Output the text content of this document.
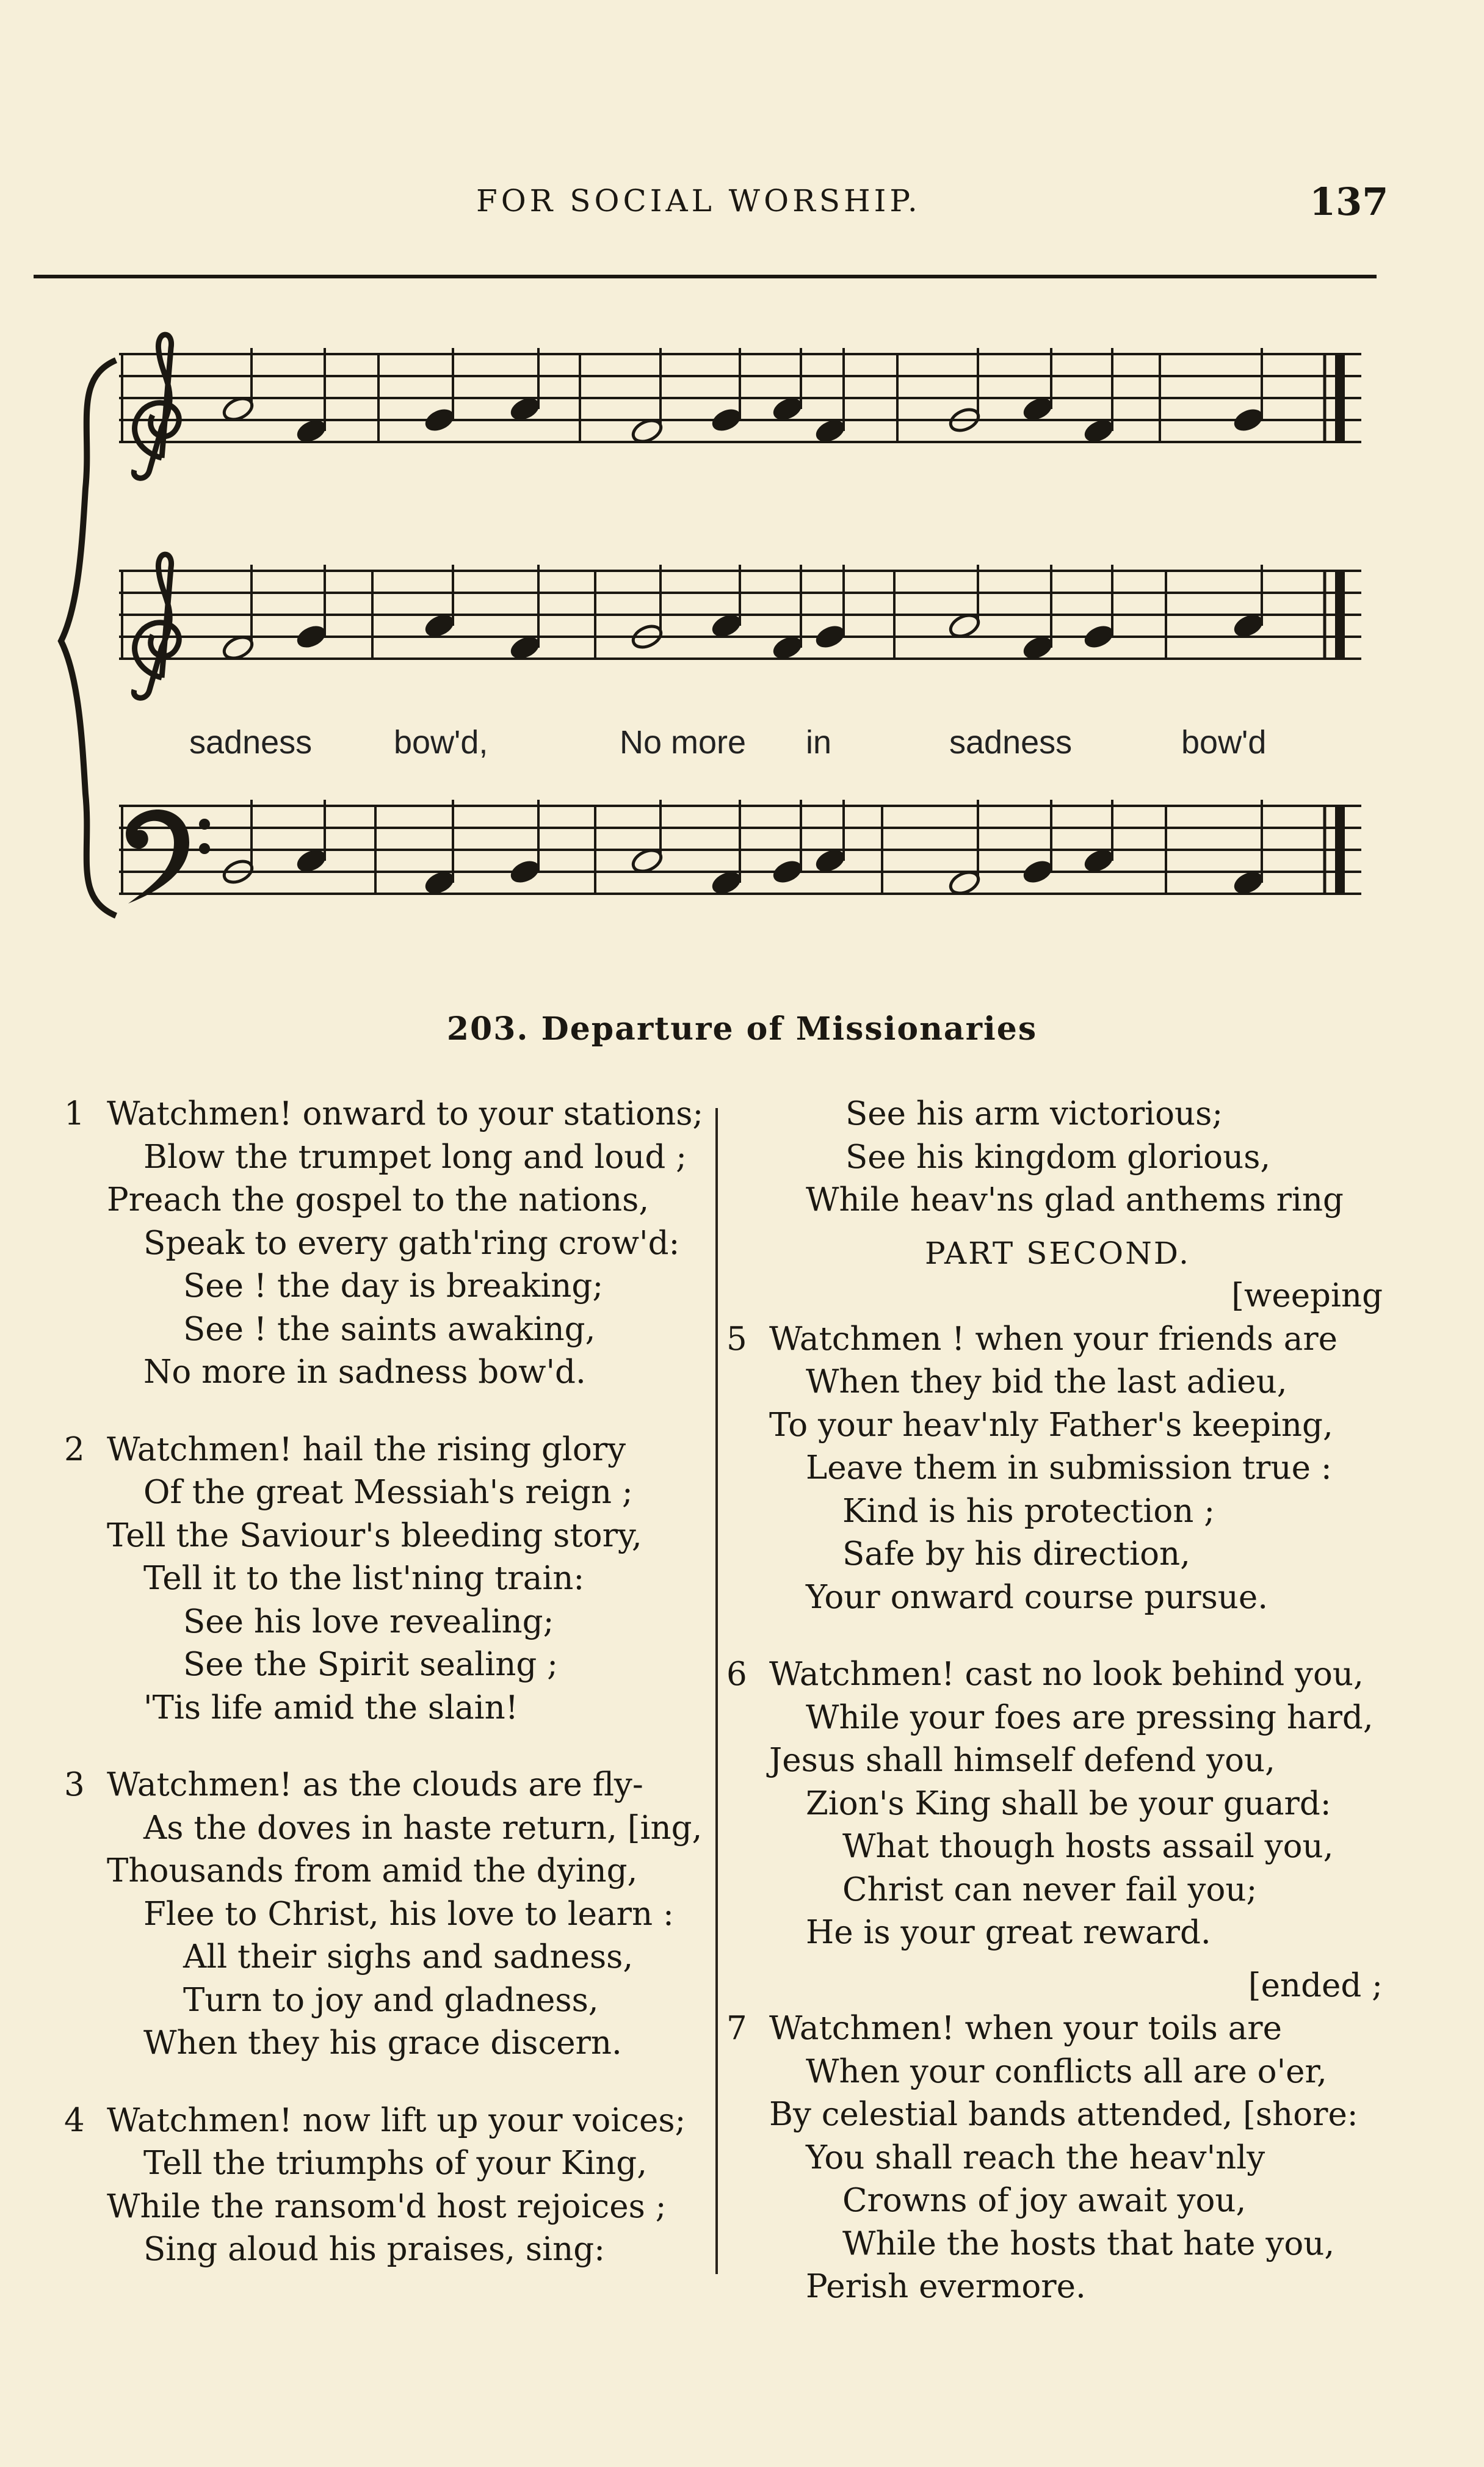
FOR SOCIAL WORSHIP.	137
sadness bow'd,	No more in	sadness	bow'd
203. Departure of Missionaries
1 Watchmen! onward to your stations;
Blow the trumpet long and loud ;
Preach the gospel to the nations,
Speak to every gath'ring crow'd:
See ! the day is breaking;
See ! the saints awaking,
No more in sadness bow'd.
2 Watchmen! hail the rising glory
Of the great Messiah's reign ;
Tell the Saviour's bleeding story,
Tell it to the list'ning train:
See his love revealing;
See the Spirit sealing ;
'Tis life amid the slain!
3 Watchmen! as the clouds are fly-
As the doves in haste return, [ing,
Thousands from amid the dying,
Flee to Christ, his love to learn :
All their sighs and sadness,
Turn to joy and gladness,
When they his grace discern.
4 Watchmen! now lift up your voices;
Tell the triumphs of your King,
While the ransom'd host rejoices ;
Sing aloud his praises, sing:
See his arm victorious;
See his kingdom glorious,
While heav'ns glad anthems ring
PART SECOND.
[weeping
5 Watchmen ! when your friends are
When they bid the last adieu,
To your heav'nly Father's keeping,
Leave them in submission true :
Kind is his protection ;
Safe by his direction,
Your onward course pursue.
6 Watchmen! cast no look behind you,
While your foes are pressing hard,
Jesus shall himself defend you,
Zion's King shall be your guard:
What though hosts assail you,
Christ can never fail you;
He is your great reward.
[ended ;
7 Watchmen! when your toils are
When your conflicts all are o'er,
By celestial bands attended, [shore:
You shall reach the heav'nly
Crowns of joy await you,
While the hosts that hate you,
Perish evermore.
